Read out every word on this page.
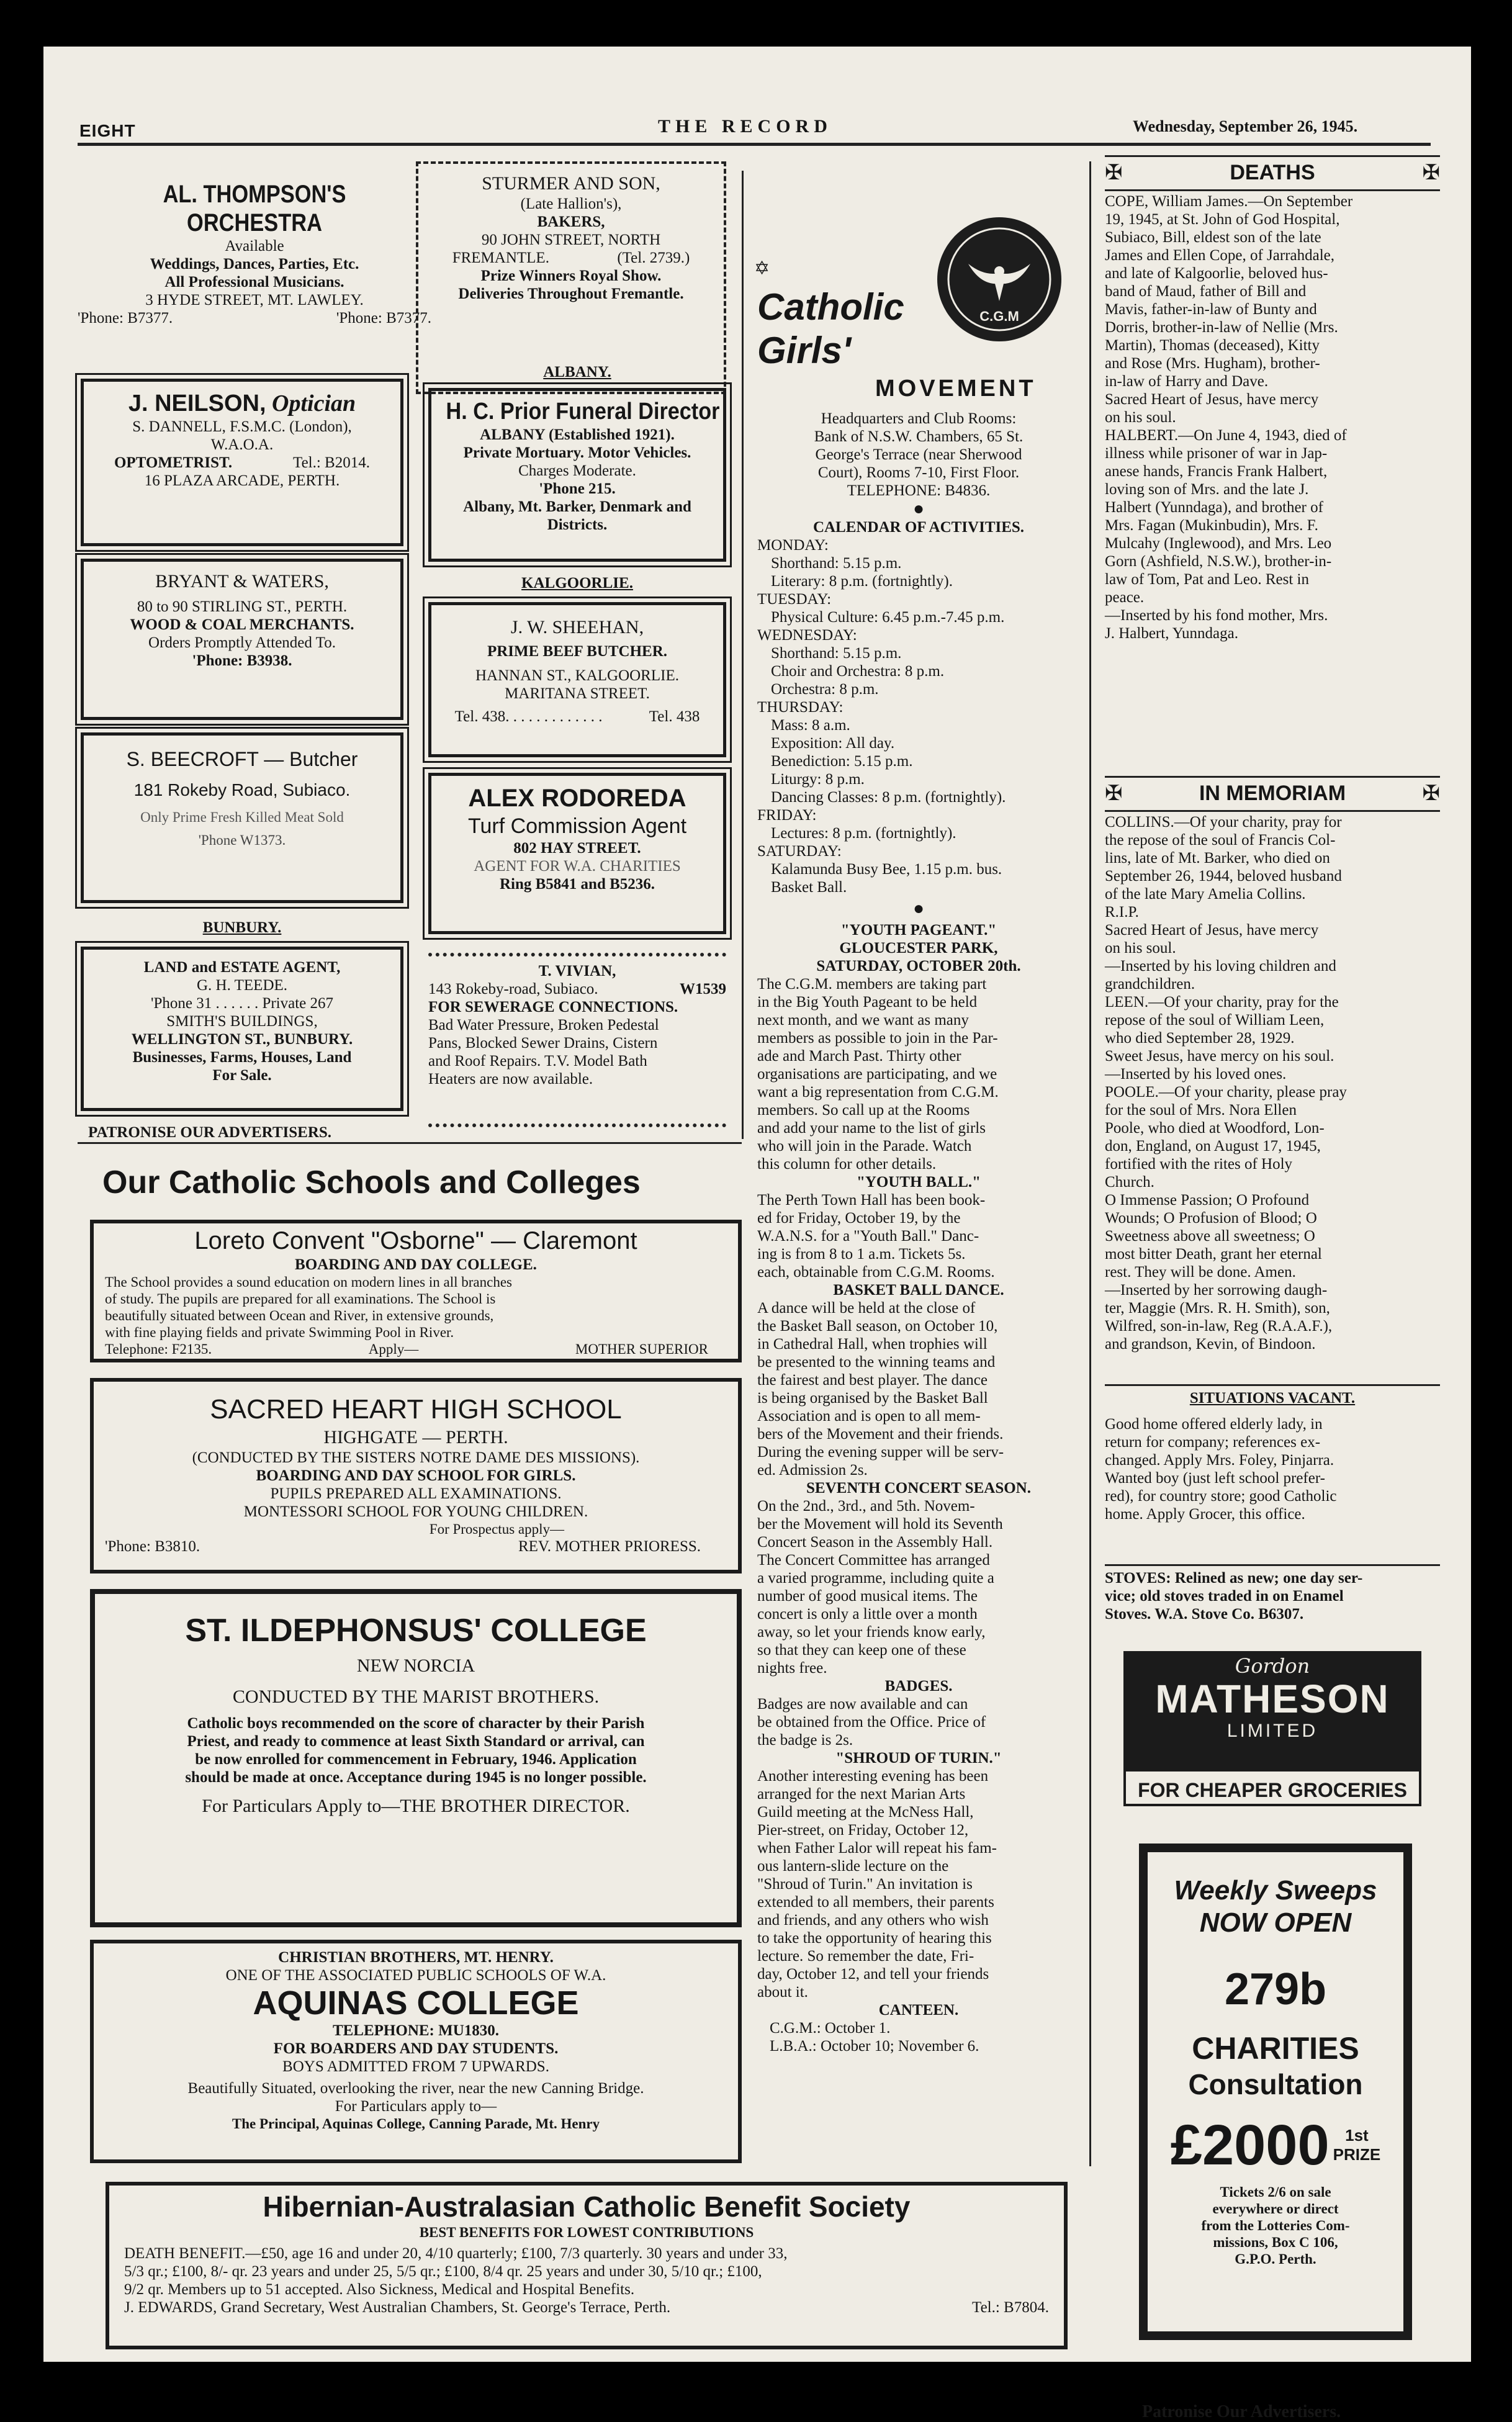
EIGHT	THE RECORD	Wednesday, September 26, 1945.
AL. THOMPSON'S ORCHESTRA
Available
Weddings, Dances, Parties, Etc.
All Professional Musicians.
3 HYDE STREET, MT. LAWLEY.
'Phone: B7377.	'Phone: B7377.
STURMER AND SON,
(Late Hallion's),
BAKERS,
90 JOHN STREET, NORTH
FREMANTLE.	(Tel. 2739.)
Prize Winners Royal Show.
Deliveries Throughout Fremantle.
J. NEILSON, Optician
S. DANNELL, F.S.M.C. (London),
W.A.O.A.
OPTOMETRIST.	Tel.: B2014.
16 PLAZA ARCADE, PERTH.
BRYANT & WATERS,
80 to 90 STIRLING ST., PERTH.
WOOD & COAL MERCHANTS.
Orders Promptly Attended To.
'Phone: B3938.
S. BEECROFT — Butcher
181 Rokeby Road, Subiaco.
Only Prime Fresh Killed Meat Sold
'Phone W1373.
BUNBURY.
LAND and ESTATE AGENT,
G. H. TEEDE.
'Phone 31 . . . . . . Private 267
SMITH'S BUILDINGS,
WELLINGTON ST., BUNBURY.
Businesses, Farms, Houses, Land
For Sale.
PATRONISE OUR ADVERTISERS.
ALBANY.
H. C. Prior Funeral Director
ALBANY (Established 1921).
Private Mortuary. Motor Vehicles.
Charges Moderate.
'Phone 215.
Albany, Mt. Barker, Denmark and
Districts.
KALGOORLIE.
J. W. SHEEHAN,
PRIME BEEF BUTCHER.
HANNAN ST., KALGOORLIE.
MARITANA STREET.
Tel. 438. . . . . . . . . . . . .	Tel. 438
ALEX RODOREDA
Turf Commission Agent
802 HAY STREET.
AGENT FOR W.A. CHARITIES
Ring B5841 and B5236.
T. VIVIAN,
143 Rokeby-road, Subiaco.	W1539
FOR SEWERAGE CONNECTIONS.
Bad Water Pressure, Broken Pedestal
Pans, Blocked Sewer Drains, Cistern
and Roof Repairs. T.V. Model Bath
Heaters are now available.
Our Catholic Schools and Colleges
Loreto Convent "Osborne" — Claremont
BOARDING AND DAY COLLEGE.
The School provides a sound education on modern lines in all branches
of study. The pupils are prepared for all examinations. The School is
beautifully situated between Ocean and River, in extensive grounds,
with fine playing fields and private Swimming Pool in River.
Telephone: F2135.	Apply—	MOTHER SUPERIOR
SACRED HEART HIGH SCHOOL
HIGHGATE — PERTH.
(CONDUCTED BY THE SISTERS NOTRE DAME DES MISSIONS).
BOARDING AND DAY SCHOOL FOR GIRLS.
PUPILS PREPARED ALL EXAMINATIONS.
MONTESSORI SCHOOL FOR YOUNG CHILDREN.
For Prospectus apply—
'Phone: B3810.	REV. MOTHER PRIORESS.
ST. ILDEPHONSUS' COLLEGE
NEW NORCIA
CONDUCTED BY THE MARIST BROTHERS.
Catholic boys recommended on the score of character by their Parish
Priest, and ready to commence at least Sixth Standard or arrival, can
be now enrolled for commencement in February, 1946. Application
should be made at once. Acceptance during 1945 is no longer possible.
For Particulars Apply to—THE BROTHER DIRECTOR.
CHRISTIAN BROTHERS, MT. HENRY.
ONE OF THE ASSOCIATED PUBLIC SCHOOLS OF W.A.
AQUINAS COLLEGE
TELEPHONE: MU1830.
FOR BOARDERS AND DAY STUDENTS.
BOYS ADMITTED FROM 7 UPWARDS.
Beautifully Situated, overlooking the river, near the new Canning Bridge.
For Particulars apply to—
The Principal, Aquinas College, Canning Parade, Mt. Henry
Hibernian-Australasian Catholic Benefit Society
BEST BENEFITS FOR LOWEST CONTRIBUTIONS
DEATH BENEFIT.—£50, age 16 and under 20, 4/10 quarterly; £100, 7/3 quarterly. 30 years and under 33,
5/3 qr.; £100, 8/- qr. 23 years and under 25, 5/5 qr.; £100, 8/4 qr. 25 years and under 30, 5/10 qr.; £100,
9/2 qr. Members up to 51 accepted. Also Sickness, Medical and Hospital Benefits.
J. EDWARDS, Grand Secretary, West Australian Chambers, St. George's Terrace, Perth.	Tel.: B7804.
✡
Catholic
Girls'
C.G.M
MOVEMENT
Headquarters and Club Rooms:
Bank of N.S.W. Chambers, 65 St.
George's Terrace (near Sherwood
Court), Rooms 7-10, First Floor.
TELEPHONE: B4836.
●
CALENDAR OF ACTIVITIES.
MONDAY:
Shorthand: 5.15 p.m.
Literary: 8 p.m. (fortnightly).
TUESDAY:
Physical Culture: 6.45 p.m.-7.45 p.m.
WEDNESDAY:
Shorthand: 5.15 p.m.
Choir and Orchestra: 8 p.m.
Orchestra: 8 p.m.
THURSDAY:
Mass: 8 a.m.
Exposition: All day.
Benediction: 5.15 p.m.
Liturgy: 8 p.m.
Dancing Classes: 8 p.m. (fortnightly).
FRIDAY:
Lectures: 8 p.m. (fortnightly).
SATURDAY:
Kalamunda Busy Bee, 1.15 p.m. bus.
Basket Ball.
●
"YOUTH PAGEANT."
GLOUCESTER PARK,
SATURDAY, OCTOBER 20th.
The C.G.M. members are taking part
in the Big Youth Pageant to be held
next month, and we want as many
members as possible to join in the Par-
ade and March Past. Thirty other
organisations are participating, and we
want a big representation from C.G.M.
members. So call up at the Rooms
and add your name to the list of girls
who will join in the Parade. Watch
this column for other details.
"YOUTH BALL."
The Perth Town Hall has been book-
ed for Friday, October 19, by the
W.A.N.S. for a "Youth Ball." Danc-
ing is from 8 to 1 a.m. Tickets 5s.
each, obtainable from C.G.M. Rooms.
BASKET BALL DANCE.
A dance will be held at the close of
the Basket Ball season, on October 10,
in Cathedral Hall, when trophies will
be presented to the winning teams and
the fairest and best player. The dance
is being organised by the Basket Ball
Association and is open to all mem-
bers of the Movement and their friends.
During the evening supper will be serv-
ed. Admission 2s.
SEVENTH CONCERT SEASON.
On the 2nd., 3rd., and 5th. Novem-
ber the Movement will hold its Seventh
Concert Season in the Assembly Hall.
The Concert Committee has arranged
a varied programme, including quite a
number of good musical items. The
concert is only a little over a month
away, so let your friends know early,
so that they can keep one of these
nights free.
BADGES.
Badges are now available and can
be obtained from the Office. Price of
the badge is 2s.
"SHROUD OF TURIN."
Another interesting evening has been
arranged for the next Marian Arts
Guild meeting at the McNess Hall,
Pier-street, on Friday, October 12,
when Father Lalor will repeat his fam-
ous lantern-slide lecture on the
"Shroud of Turin." An invitation is
extended to all members, their parents
and friends, and any others who wish
to take the opportunity of hearing this
lecture. So remember the date, Fri-
day, October 12, and tell your friends
about it.
CANTEEN.
C.G.M.: October 1.
L.B.A.: October 10; November 6.
✠	DEATHS	✠
COPE, William James.—On September
19, 1945, at St. John of God Hospital,
Subiaco, Bill, eldest son of the late
James and Ellen Cope, of Jarrahdale,
and late of Kalgoorlie, beloved hus-
band of Maud, father of Bill and
Mavis, father-in-law of Bunty and
Dorris, brother-in-law of Nellie (Mrs.
Martin), Thomas (deceased), Kitty
and Rose (Mrs. Hugham), brother-
in-law of Harry and Dave.
Sacred Heart of Jesus, have mercy
on his soul.
HALBERT.—On June 4, 1943, died of
illness while prisoner of war in Jap-
anese hands, Francis Frank Halbert,
loving son of Mrs. and the late J.
Halbert (Yunndaga), and brother of
Mrs. Fagan (Mukinbudin), Mrs. F.
Mulcahy (Inglewood), and Mrs. Leo
Gorn (Ashfield, N.S.W.), brother-in-
law of Tom, Pat and Leo. Rest in
peace.
—Inserted by his fond mother, Mrs.
J. Halbert, Yunndaga.
✠	IN MEMORIAM	✠
COLLINS.—Of your charity, pray for
the repose of the soul of Francis Col-
lins, late of Mt. Barker, who died on
September 26, 1944, beloved husband
of the late Mary Amelia Collins.
R.I.P.
Sacred Heart of Jesus, have mercy
on his soul.
—Inserted by his loving children and
grandchildren.
LEEN.—Of your charity, pray for the
repose of the soul of William Leen,
who died September 28, 1929.
Sweet Jesus, have mercy on his soul.
—Inserted by his loved ones.
POOLE.—Of your charity, please pray
for the soul of Mrs. Nora Ellen
Poole, who died at Woodford, Lon-
don, England, on August 17, 1945,
fortified with the rites of Holy
Church.
O Immense Passion; O Profound
Wounds; O Profusion of Blood; O
Sweetness above all sweetness; O
most bitter Death, grant her eternal
rest. They will be done. Amen.
—Inserted by her sorrowing daugh-
ter, Maggie (Mrs. R. H. Smith), son,
Wilfred, son-in-law, Reg (R.A.A.F.),
and grandson, Kevin, of Bindoon.
SITUATIONS VACANT.
Good home offered elderly lady, in
return for company; references ex-
changed. Apply Mrs. Foley, Pinjarra.
Wanted boy (just left school prefer-
red), for country store; good Catholic
home. Apply Grocer, this office.
STOVES: Relined as new; one day ser-
vice; old stoves traded in on Enamel
Stoves. W.A. Stove Co. B6307.
Gordon
MATHESON
LIMITED
FOR CHEAPER GROCERIES
Weekly Sweeps
NOW OPEN
279b
CHARITIES
Consultation
£2000 1st
PRIZE
Tickets 2/6 on sale
everywhere or direct
from the Lotteries Com-
missions, Box C 106,
G.P.O. Perth.
Patronise Our Advertisers.
